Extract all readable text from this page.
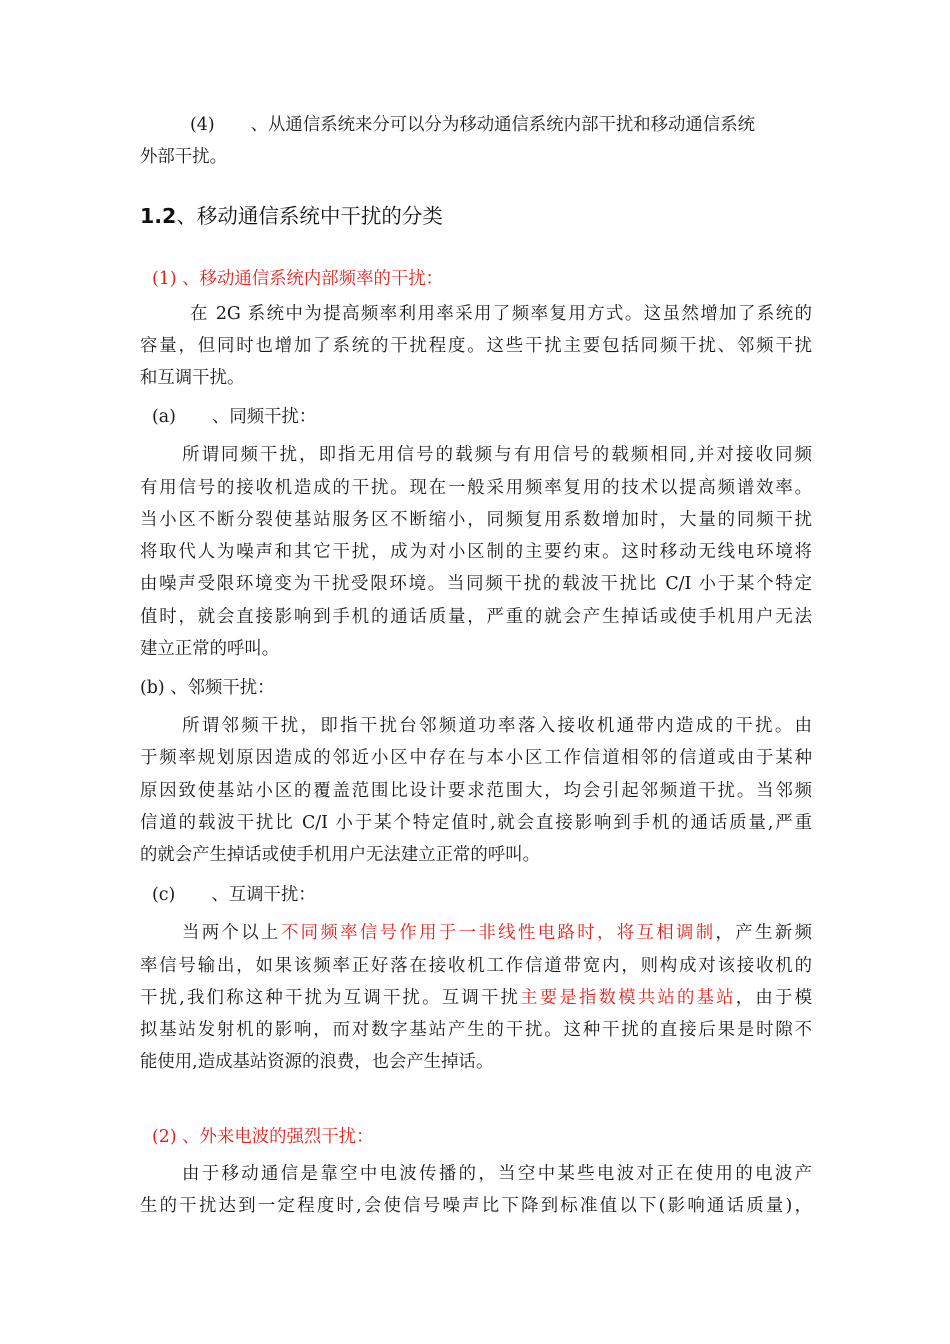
(4) 、从通信系统来分可以分为移动通信系统内部干扰和移动通信系统
外部干扰。
1.2、移动通信系统中干扰的分类
(1) 、移动通信系统内部频率的干扰：
在 2G 系统中为提高频率利用率采用了频率复用方式。这虽然增加了系统的
容量，但同时也增加了系统的干扰程度。这些干扰主要包括同频干扰、邻频干扰
和互调干扰。
(a) 、同频干扰：
所谓同频干扰，即指无用信号的载频与有用信号的载频相同,并对接收同频
有用信号的接收机造成的干扰。现在一般采用频率复用的技术以提高频谱效率。
当小区不断分裂使基站服务区不断缩小，同频复用系数增加时，大量的同频干扰
将取代人为噪声和其它干扰，成为对小区制的主要约束。这时移动无线电环境将
由噪声受限环境变为干扰受限环境。当同频干扰的载波干扰比 C/I 小于某个特定
值时，就会直接影响到手机的通话质量，严重的就会产生掉话或使手机用户无法
建立正常的呼叫。
(b) 、邻频干扰：
所谓邻频干扰，即指干扰台邻频道功率落入接收机通带内造成的干扰。由
于频率规划原因造成的邻近小区中存在与本小区工作信道相邻的信道或由于某种
原因致使基站小区的覆盖范围比设计要求范围大，均会引起邻频道干扰。当邻频
信道的载波干扰比 C/I 小于某个特定值时,就会直接影响到手机的通话质量,严重
的就会产生掉话或使手机用户无法建立正常的呼叫。
(c) 、互调干扰：
当两个以上不同频率信号作用于一非线性电路时，将互相调制，产生新频
率信号输出，如果该频率正好落在接收机工作信道带宽内，则构成对该接收机的
干扰,我们称这种干扰为互调干扰。互调干扰主要是指数模共站的基站，由于模
拟基站发射机的影响，而对数字基站产生的干扰。这种干扰的直接后果是时隙不
能使用,造成基站资源的浪费，也会产生掉话。
(2) 、外来电波的强烈干扰：
由于移动通信是靠空中电波传播的，当空中某些电波对正在使用的电波产
生的干扰达到一定程度时,会使信号噪声比下降到标准值以下(影响通话质量)，
